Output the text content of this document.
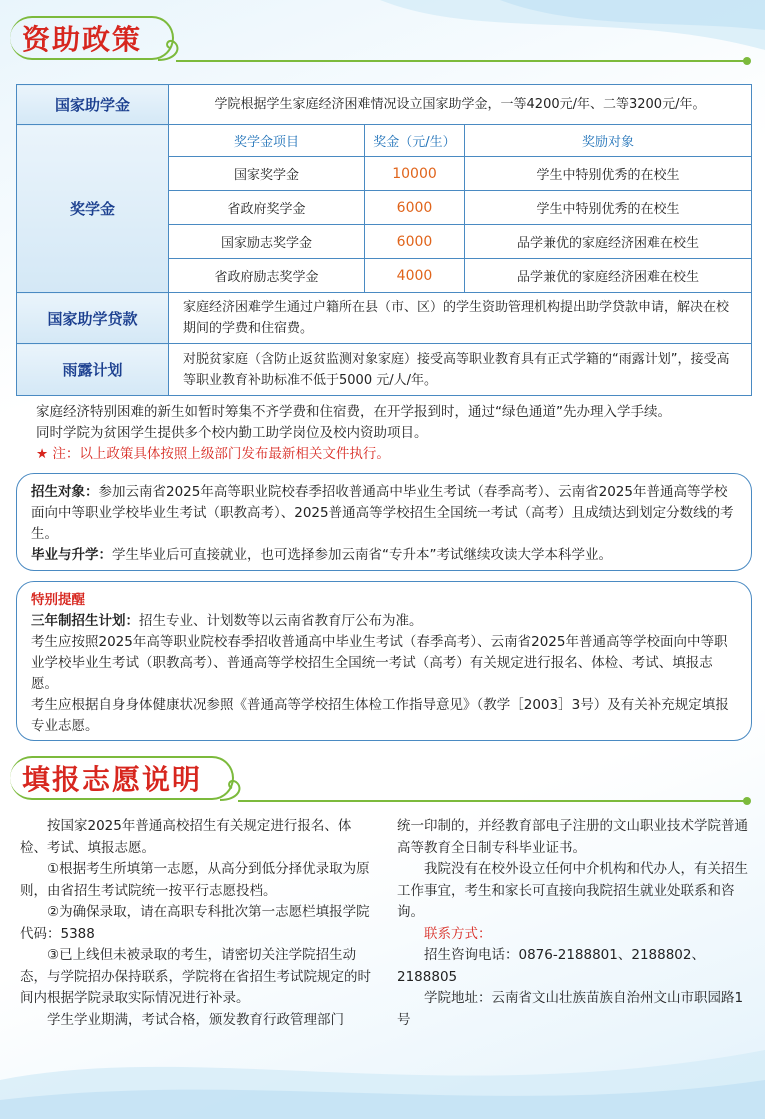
资助政策
国家助学金	学院根据学生家庭经济困难情况设立国家助学金，一等4200元/年、二等3200元/年。		
奖学金	奖学金项目	奖金（元/生）	奖励对象
	国家奖学金	10000	学生中特别优秀的在校生
	省政府奖学金	6000	学生中特别优秀的在校生
	国家励志奖学金	6000	品学兼优的家庭经济困难在校生
	省政府励志奖学金	4000	品学兼优的家庭经济困难在校生
国家助学贷款	家庭经济困难学生通过户籍所在县（市、区）的学生资助管理机构提出助学贷款申请，解决在校期间的学费和住宿费。		
雨露计划	对脱贫家庭（含防止返贫监测对象家庭）接受高等职业教育具有正式学籍的“雨露计划”，接受高等职业教育补助标准不低于5000 元/人/年。		
家庭经济特别困难的新生如暂时筹集不齐学费和住宿费，在开学报到时，通过“绿色通道”先办理入学手续。
同时学院为贫困学生提供多个校内勤工助学岗位及校内资助项目。
★ 注：以上政策具体按照上级部门发布最新相关文件执行。
招生对象：参加云南省2025年高等职业院校春季招收普通高中毕业生考试（春季高考）、云南省2025年普通高等学校面向中等职业学校毕业生考试（职教高考）、2025普通高等学校招生全国统一考试（高考）且成绩达到划定分数线的考生。
毕业与升学：学生毕业后可直接就业，也可选择参加云南省“专升本”考试继续攻读大学本科学业。
特别提醒
三年制招生计划：招生专业、计划数等以云南省教育厅公布为准。
考生应按照2025年高等职业院校春季招收普通高中毕业生考试（春季高考）、云南省2025年普通高等学校面向中等职业学校毕业生考试（职教高考）、普通高等学校招生全国统一考试（高考）有关规定进行报名、体检、考试、填报志愿。
考生应根据自身身体健康状况参照《普通高等学校招生体检工作指导意见》（教学［2003］3号）及有关补充规定填报专业志愿。
填报志愿说明

按国家2025年普通高校招生有关规定进行报名、体检、考试、填报志愿。

①根据考生所填第一志愿，从高分到低分择优录取为原则，由省招生考试院统一按平行志愿投档。

②为确保录取，请在高职专科批次第一志愿栏填报学院代码：5388

③已上线但未被录取的考生，请密切关注学院招生动态，与学院招办保持联系，学院将在省招生考试院规定的时间内根据学院录取实际情况进行补录。

学生学业期满，考试合格，颁发教育行政管理部门

统一印制的，并经教育部电子注册的文山职业技术学院普通高等教育全日制专科毕业证书。

我院没有在校外设立任何中介机构和代办人，有关招生工作事宜，考生和家长可直接向我院招生就业处联系和咨询。

联系方式：

招生咨询电话：0876-2188801、2188802、2188805

学院地址：云南省文山壮族苗族自治州文山市职园路1号
